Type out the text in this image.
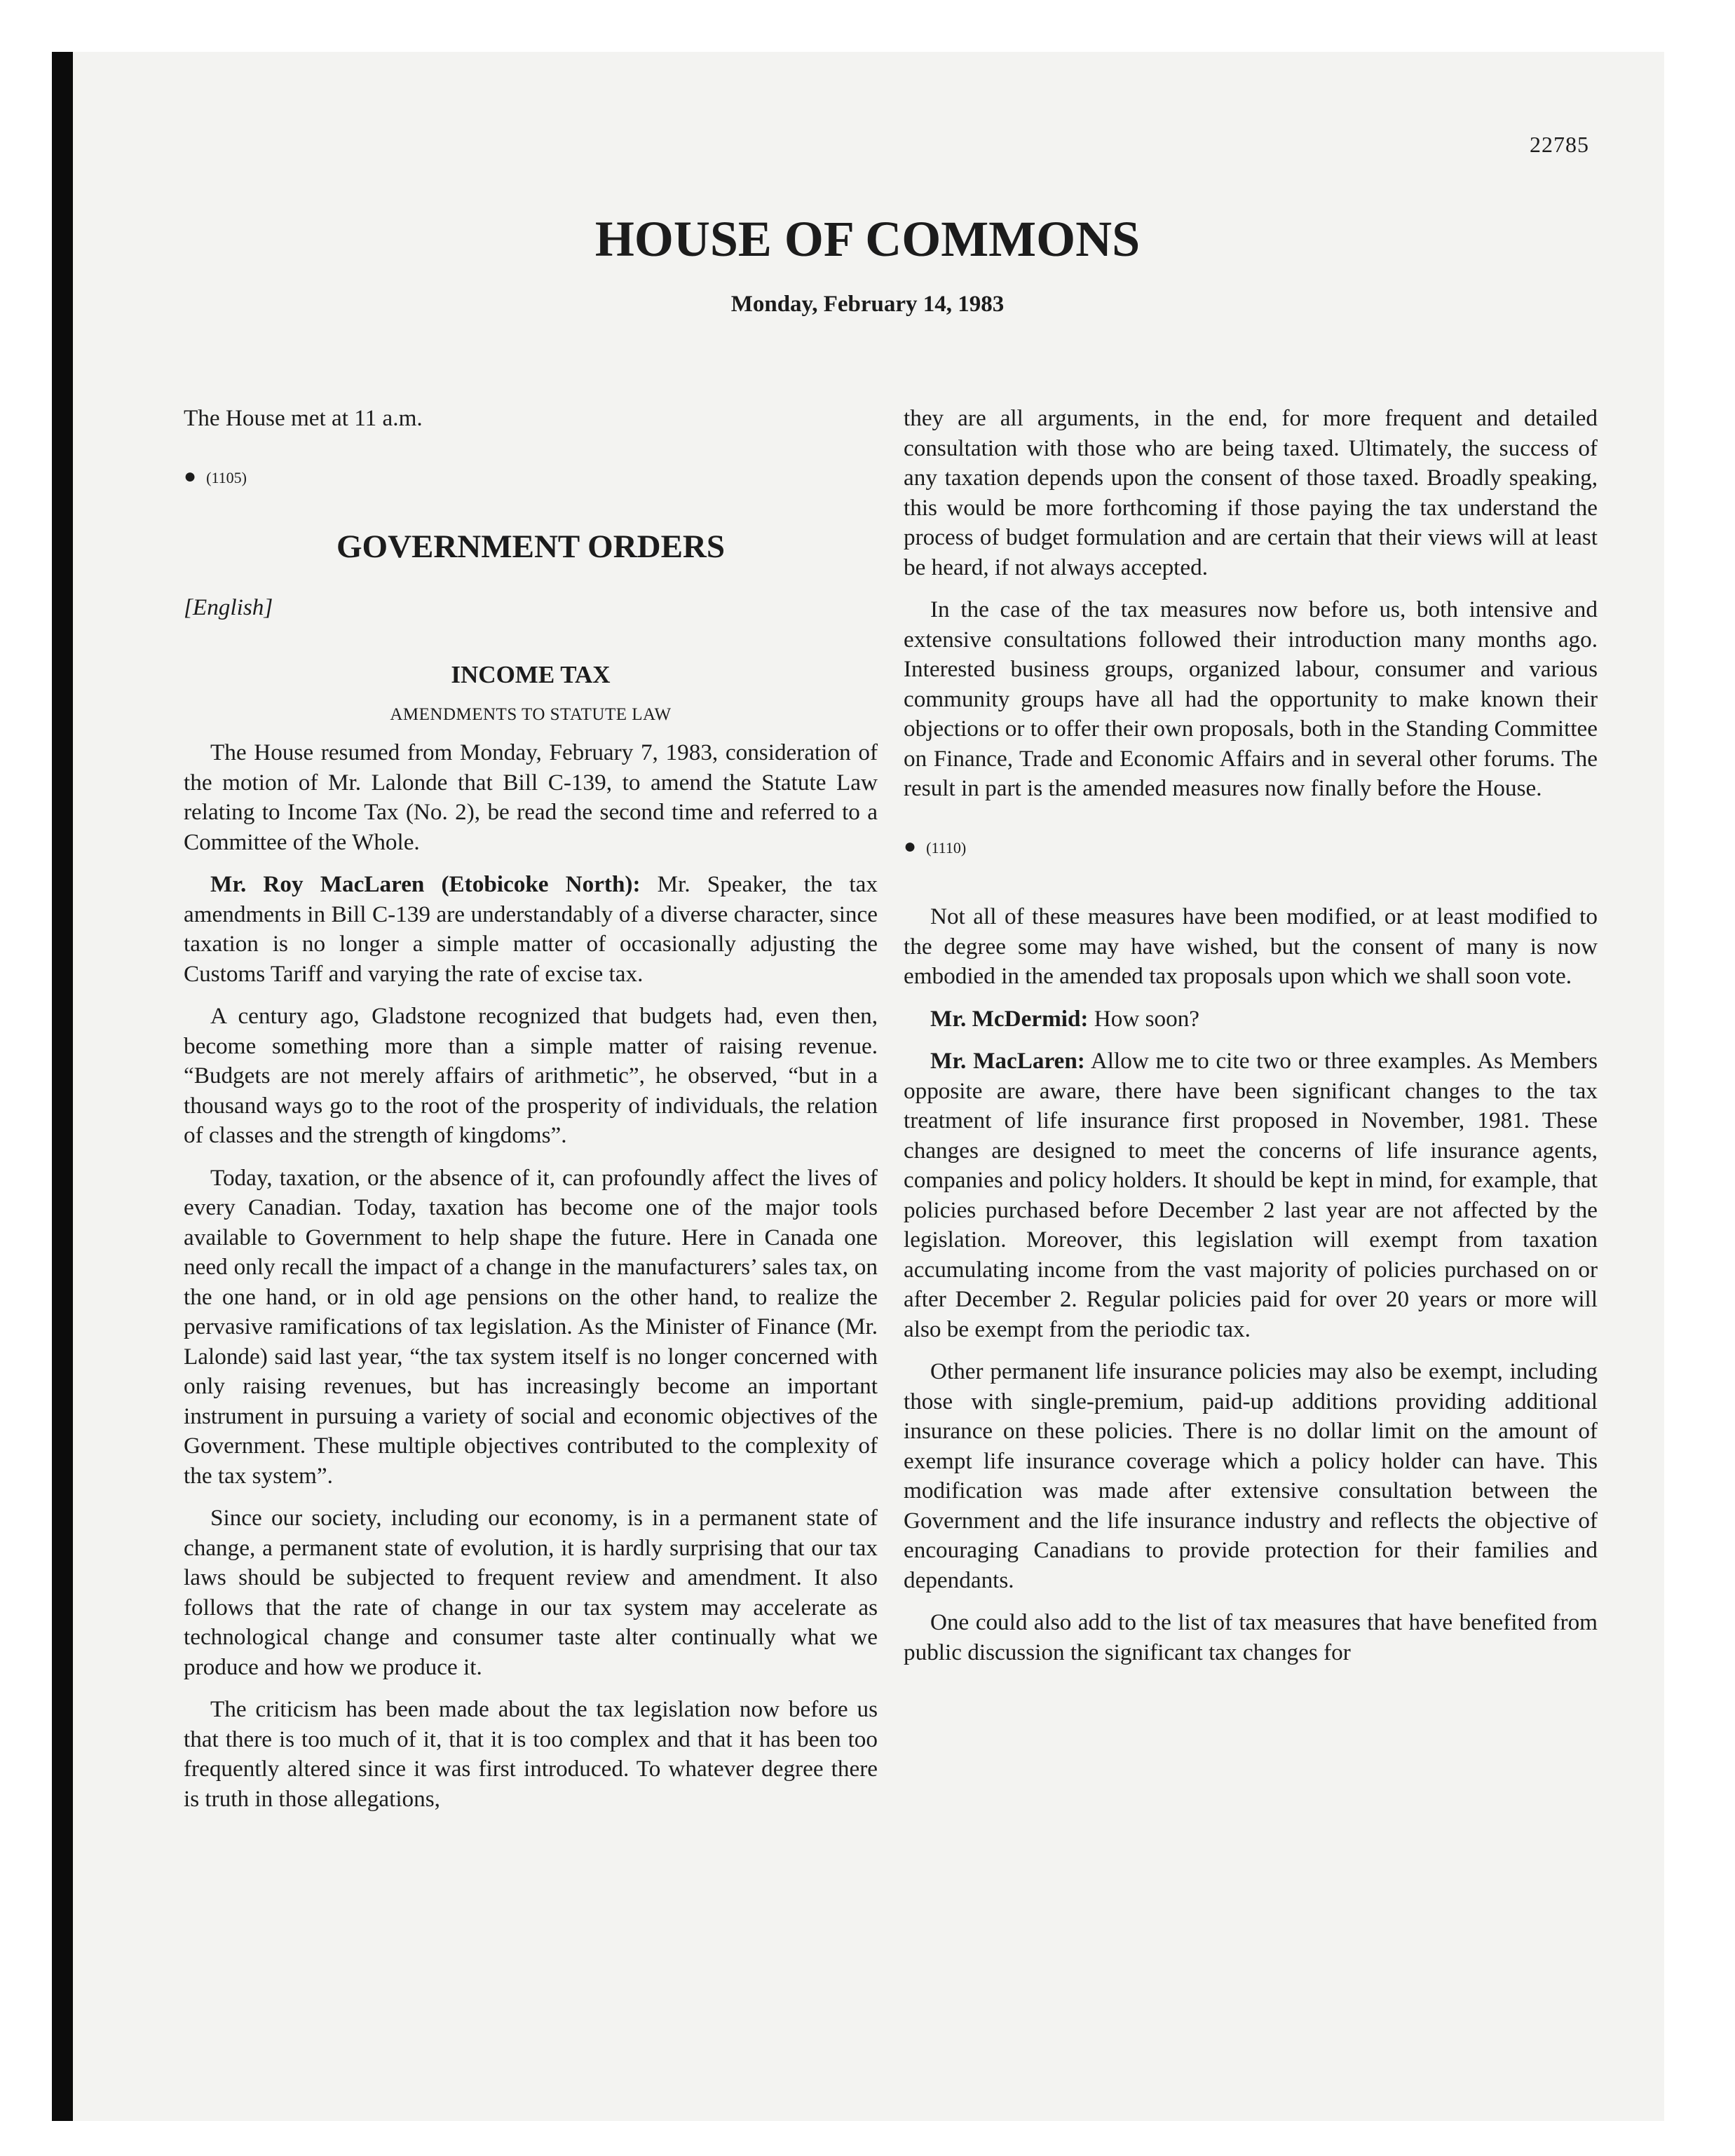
22785
HOUSE OF COMMONS
Monday, February 14, 1983

The House met at 11 a.m.

● (1105)
GOVERNMENT ORDERS
[English]
INCOME TAX
AMENDMENTS TO STATUTE LAW

The House resumed from Monday, February 7, 1983, consideration of the motion of Mr. Lalonde that Bill C-139, to amend the Statute Law relating to Income Tax (No. 2), be read the second time and referred to a Committee of the Whole.

Mr. Roy MacLaren (Etobicoke North): Mr. Speaker, the tax amendments in Bill C-139 are understandably of a diverse character, since taxation is no longer a simple matter of occasionally adjusting the Customs Tariff and varying the rate of excise tax.

A century ago, Gladstone recognized that budgets had, even then, become something more than a simple matter of raising revenue. “Budgets are not merely affairs of arithmetic”, he observed, “but in a thousand ways go to the root of the prosperity of individuals, the relation of classes and the strength of kingdoms”.

Today, taxation, or the absence of it, can profoundly affect the lives of every Canadian. Today, taxation has become one of the major tools available to Government to help shape the future. Here in Canada one need only recall the impact of a change in the manufacturers’ sales tax, on the one hand, or in old age pensions on the other hand, to realize the pervasive ramifications of tax legislation. As the Minister of Finance (Mr. Lalonde) said last year, “the tax system itself is no longer concerned with only raising revenues, but has increasingly become an important instrument in pursuing a variety of social and economic objectives of the Government. These multiple objectives contributed to the complexity of the tax system”.

Since our society, including our economy, is in a permanent state of change, a permanent state of evolution, it is hardly surprising that our tax laws should be subjected to frequent review and amendment. It also follows that the rate of change in our tax system may accelerate as technological change and consumer taste alter continually what we produce and how we produce it.

The criticism has been made about the tax legislation now before us that there is too much of it, that it is too complex and that it has been too frequently altered since it was first introduced. To whatever degree there is truth in those allegations,

they are all arguments, in the end, for more frequent and detailed consultation with those who are being taxed. Ultimately, the success of any taxation depends upon the consent of those taxed. Broadly speaking, this would be more forthcoming if those paying the tax understand the process of budget formulation and are certain that their views will at least be heard, if not always accepted.

In the case of the tax measures now before us, both intensive and extensive consultations followed their introduction many months ago. Interested business groups, organized labour, consumer and various community groups have all had the opportunity to make known their objections or to offer their own proposals, both in the Standing Committee on Finance, Trade and Economic Affairs and in several other forums. The result in part is the amended measures now finally before the House.

● (1110)

Not all of these measures have been modified, or at least modified to the degree some may have wished, but the consent of many is now embodied in the amended tax proposals upon which we shall soon vote.

Mr. McDermid: How soon?

Mr. MacLaren: Allow me to cite two or three examples. As Members opposite are aware, there have been significant changes to the tax treatment of life insurance first proposed in November, 1981. These changes are designed to meet the concerns of life insurance agents, companies and policy holders. It should be kept in mind, for example, that policies purchased before December 2 last year are not affected by the legislation. Moreover, this legislation will exempt from taxation accumulating income from the vast majority of policies purchased on or after December 2. Regular policies paid for over 20 years or more will also be exempt from the periodic tax.

Other permanent life insurance policies may also be exempt, including those with single-premium, paid-up additions providing additional insurance on these policies. There is no dollar limit on the amount of exempt life insurance coverage which a policy holder can have. This modification was made after extensive consultation between the Government and the life insurance industry and reflects the objective of encouraging Canadians to provide protection for their families and dependants.

One could also add to the list of tax measures that have benefited from public discussion the significant tax changes for
